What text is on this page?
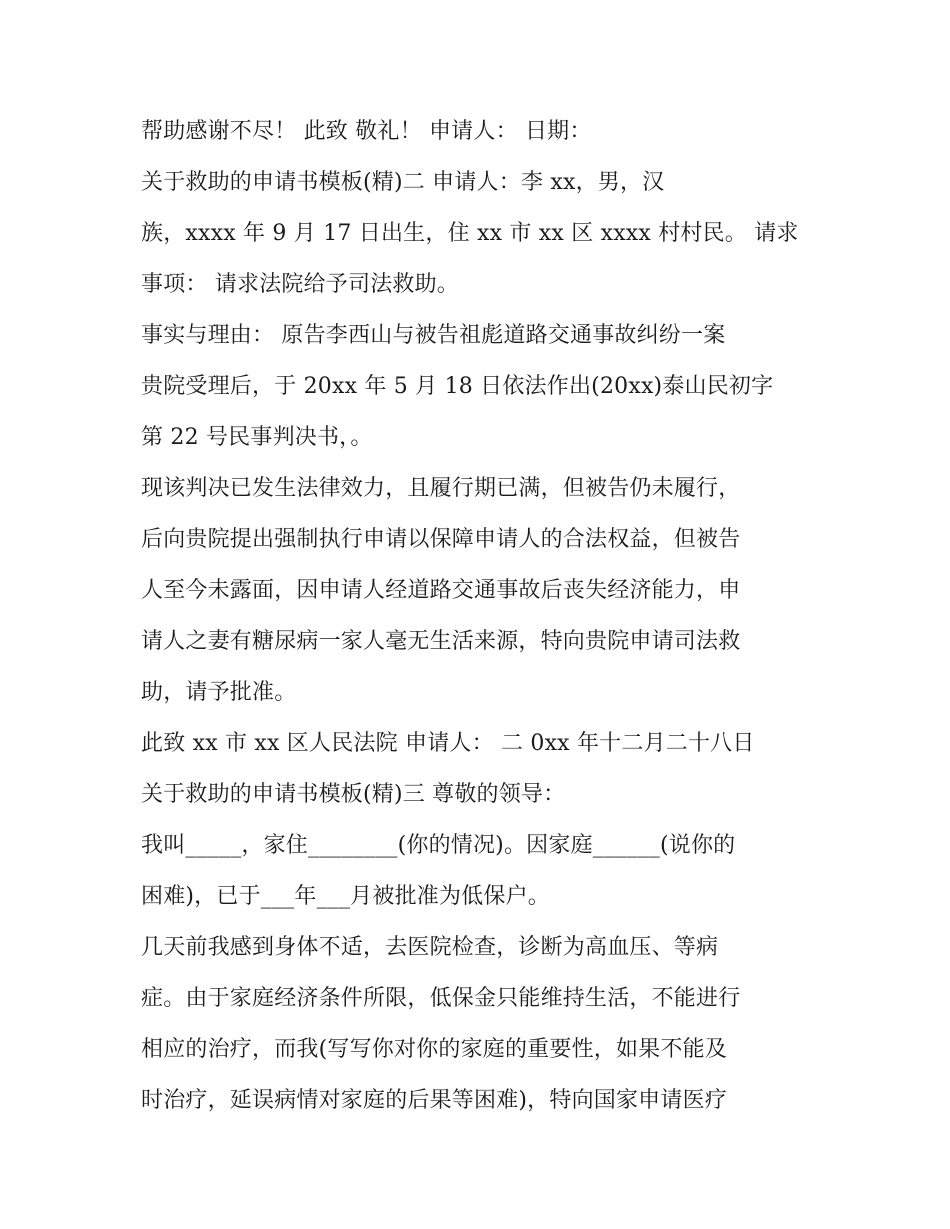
帮助感谢不尽！ 此致 敬礼！ 申请人： 日期：
关于救助的申请书模板(精)二 申请人：李 xx，男，汉
族，xxxx 年 9 月 17 日出生，住 xx 市 xx 区 xxxx 村村民。 请求
事项： 请求法院给予司法救助。
事实与理由： 原告李西山与被告祖彪道路交通事故纠纷一案
贵院受理后，于 20xx 年 5 月 18 日依法作出(20xx)泰山民初字
第 22 号民事判决书，。
现该判决已发生法律效力，且履行期已满，但被告仍未履行，
后向贵院提出强制执行申请以保障申请人的合法权益，但被告
人至今未露面，因申请人经道路交通事故后丧失经济能力，申
请人之妻有糖尿病一家人毫无生活来源，特向贵院申请司法救
助，请予批准。
此致 xx 市 xx 区人民法院 申请人： 二 0xx 年十二月二十八日
关于救助的申请书模板(精)三 尊敬的领导：
我叫_____，家住________(你的情况)。因家庭______(说你的
困难)，已于___年___月被批准为低保户。
几天前我感到身体不适，去医院检查，诊断为高血压、等病
症。由于家庭经济条件所限，低保金只能维持生活，不能进行
相应的治疗，而我(写写你对你的家庭的重要性，如果不能及
时治疗，延误病情对家庭的后果等困难)，特向国家申请医疗
